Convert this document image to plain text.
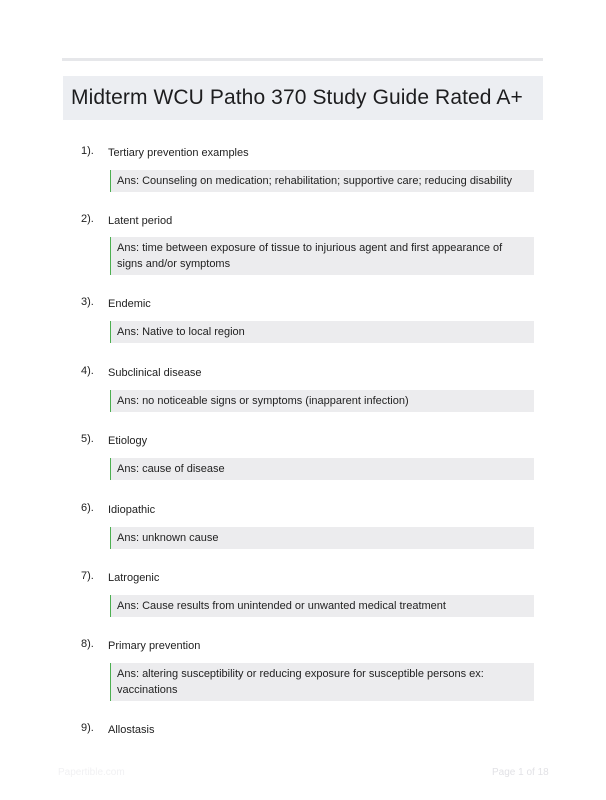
Midterm WCU Patho 370 Study Guide Rated A+
1). Tertiary prevention examples
Ans: Counseling on medication; rehabilitation; supportive care; reducing disability
2). Latent period
Ans: time between exposure of tissue to injurious agent and first appearance of signs and/or symptoms
3). Endemic
Ans: Native to local region
4). Subclinical disease
Ans: no noticeable signs or symptoms (inapparent infection)
5). Etiology
Ans: cause of disease
6). Idiopathic
Ans: unknown cause
7). Latrogenic
Ans: Cause results from unintended or unwanted medical treatment
8). Primary prevention
Ans: altering susceptibility or reducing exposure for susceptible persons ex: vaccinations
9). Allostasis
Papertible.com	Page 1 of 18
